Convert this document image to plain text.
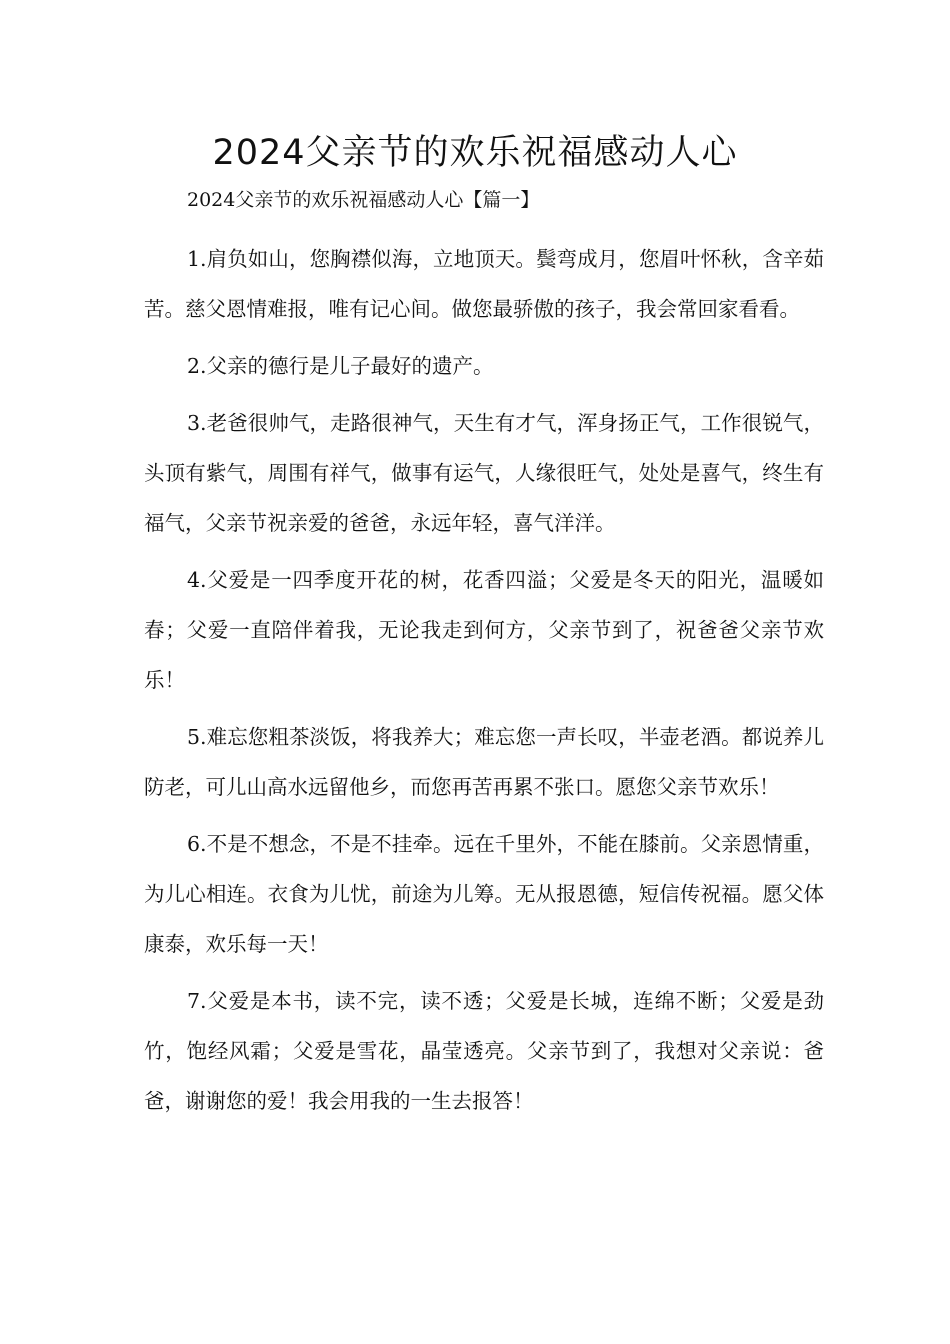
2024父亲节的欢乐祝福感动人心

2024父亲节的欢乐祝福感动人心【篇一】

1.肩负如山，您胸襟似海，立地顶天。鬓弯成月，您眉叶怀秋，含辛茹苦。慈父恩情难报，唯有记心间。做您最骄傲的孩子，我会常回家看看。

2.父亲的德行是儿子最好的遗产。

3.老爸很帅气，走路很神气，天生有才气，浑身扬正气，工作很锐气，头顶有紫气，周围有祥气，做事有运气，人缘很旺气，处处是喜气，终生有福气，父亲节祝亲爱的爸爸，永远年轻，喜气洋洋。

4.父爱是一四季度开花的树，花香四溢；父爱是冬天的阳光，温暖如春；父爱一直陪伴着我，无论我走到何方，父亲节到了，祝爸爸父亲节欢乐！

5.难忘您粗茶淡饭，将我养大；难忘您一声长叹，半壶老酒。都说养儿防老，可儿山高水远留他乡，而您再苦再累不张口。愿您父亲节欢乐！

6.不是不想念，不是不挂牵。远在千里外，不能在膝前。父亲恩情重，为儿心相连。衣食为儿忧，前途为儿筹。无从报恩德，短信传祝福。愿父体康泰，欢乐每一天！

7.父爱是本书，读不完，读不透；父爱是长城，连绵不断；父爱是劲竹，饱经风霜；父爱是雪花，晶莹透亮。父亲节到了，我想对父亲说：爸爸，谢谢您的爱！我会用我的一生去报答！
